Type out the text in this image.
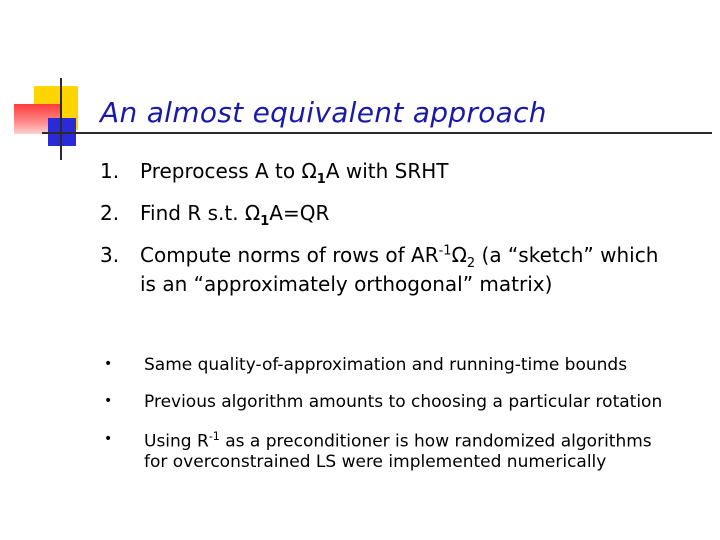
An almost equivalent approach
1. Preprocess A to $\Omega_1A$ with SRHT
2. Find R s.t. $\Omega_1A=QR$
3. Compute norms of rows of $AR^{-1}\Omega_2$ (a “sketch” which
is an “approximately orthogonal” matrix)
• Same quality-of-approximation and running-time bounds
• Previous algorithm amounts to choosing a particular rotation
• Using $R^{-1}$ as a preconditioner is how randomized algorithms
for overconstrained LS were implemented numerically
